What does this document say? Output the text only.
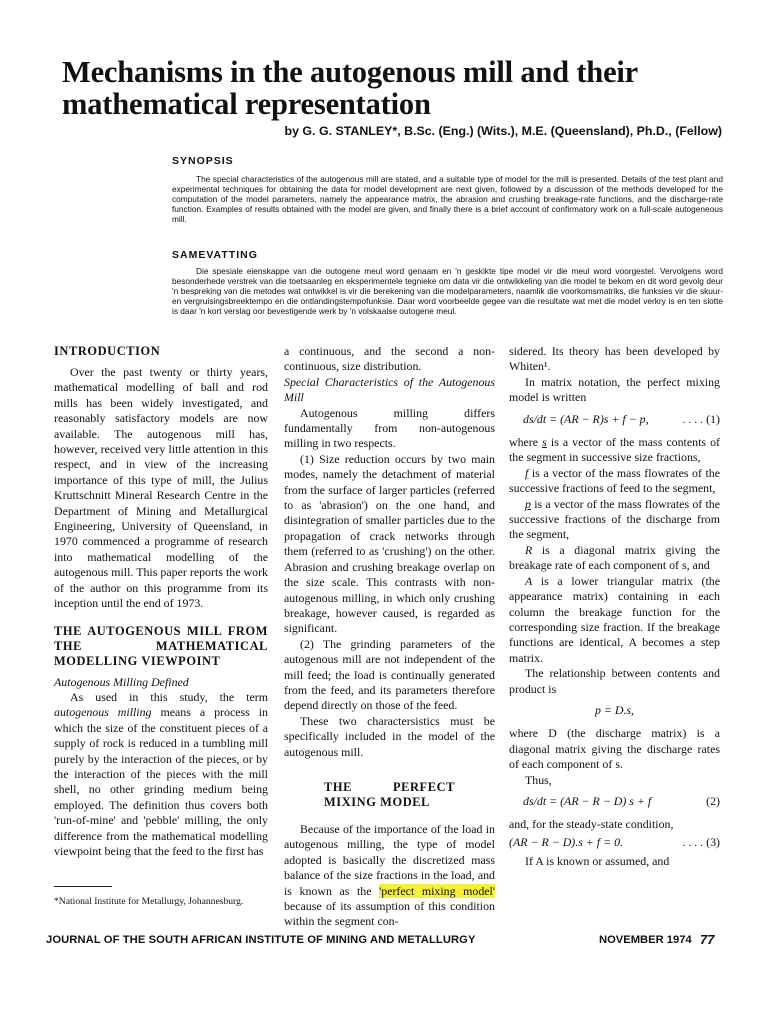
Mechanisms in the autogenous mill and their mathematical representation

by G. G. STANLEY*, B.Sc. (Eng.) (Wits.), M.E. (Queensland), Ph.D., (Fellow)

SYNOPSIS

The special characteristics of the autogenous mill are stated, and a suitable type of model for the mill is presented. Details of the test plant and experimental techniques for obtaining the data for model development are next given, followed by a discussion of the methods developed for the computation of the model parameters, namely the appearance matrix, the abrasion and crushing breakage-rate functions, and the discharge-rate function. Examples of results obtained with the model are given, and finally there is a brief account of confirmatory work on a full-scale autogeneous mill.

SAMEVATTING

Die spesiale eienskappe van die outogene meul word genaam en 'n geskikte tipe model vir die meul word voorgestel. Vervolgens word besonderhede verstrek van die toetsaanleg en eksperimentele tegnieke om data vir die ontwikkeling van die model te bekom en dit word gevolg deur 'n bespreking van die metodes wat ontwikkel is vir die berekening van die modelparameters, naamlik die voorkomsmatriks, die funksies vir die skuur- en vergruisingsbreektempo en die ontlandingstempofunksie. Daar word voorbeelde gegee van die resultate wat met die model verkry is en ten slotte is daar 'n kort verslag oor bevestigende werk by 'n volskaalse outogene meul.

INTRODUCTION

Over the past twenty or thirty years, mathematical modelling of ball and rod mills has been widely investigated, and reasonably satisfactory models are now available. The autogenous mill has, however, received very little attention in this respect, and in view of the increasing importance of this type of mill, the Julius Kruttschnitt Mineral Research Centre in the Department of Mining and Metallurgical Engineering, University of Queensland, in 1970 commenced a programme of research into mathematical modelling of the autogenous mill. This paper reports the work of the author on this programme from its inception until the end of 1973.

THE AUTOGENOUS MILL FROM THE MATHEMATICAL MODELLING VIEWPOINT

Autogenous Milling Defined

As used in this study, the term autogenous milling means a process in which the size of the constituent pieces of a supply of rock is reduced in a tumbling mill purely by the interaction of the pieces, or by the interaction of the pieces with the mill shell, no other grinding medium being employed. The definition thus covers both 'run-of-mine' and 'pebble' milling, the only difference from the mathematical modelling viewpoint being that the feed to the first has

*National Institute for Metallurgy, Johannesburg.

a continuous, and the second a non-continuous, size distribution.

Special Characteristics of the Autogenous Mill

Autogenous milling differs fundamentally from non-autogenous milling in two respects.

(1) Size reduction occurs by two main modes, namely the detachment of material from the surface of larger particles (referred to as 'abrasion') on the one hand, and disintegration of smaller particles due to the propagation of crack networks through them (referred to as 'crushing') on the other. Abrasion and crushing breakage overlap on the size scale. This contrasts with non-autogenous milling, in which only crushing breakage, however caused, is regarded as significant.

(2) The grinding parameters of the autogenous mill are not independent of the mill feed; the load is continually generated from the feed, and its parameters therefore depend directly on those of the feed.

These two charactersistics must be specifically included in the model of the autogenous mill.

THE PERFECT MIXING MODEL

Because of the importance of the load in autogenous milling, the type of model adopted is basically the discretized mass balance of the size fractions in the load, and is known as the 'perfect mixing model' because of its assumption of this condition within the segment con-

sidered. Its theory has been developed by Whiten¹.

In matrix notation, the perfect mixing model is written

ds/dt = (AR − R)s + f − p,	. . . . (1)

where s is a vector of the mass contents of the segment in successive size fractions,

f is a vector of the mass flowrates of the successive fractions of feed to the segment,

p is a vector of the mass flowrates of the successive fractions of the discharge from the segment,

R is a diagonal matrix giving the breakage rate of each component of s, and

A is a lower triangular matrix (the appearance matrix) containing in each column the breakage function for the corresponding size fraction. If the breakage functions are identical, A becomes a step matrix.

The relationship between contents and product is

p = D.s,

where D (the discharge matrix) is a diagonal matrix giving the discharge rates of each component of s.

Thus,

ds/dt = (AR − R − D) s + f	(2)

and, for the steady-state condition,

(AR − R − D).s + f = 0.	. . . . (3)

If A is known or assumed, and

JOURNAL OF THE SOUTH AFRICAN INSTITUTE OF MINING AND METALLURGY	NOVEMBER 1974 77
